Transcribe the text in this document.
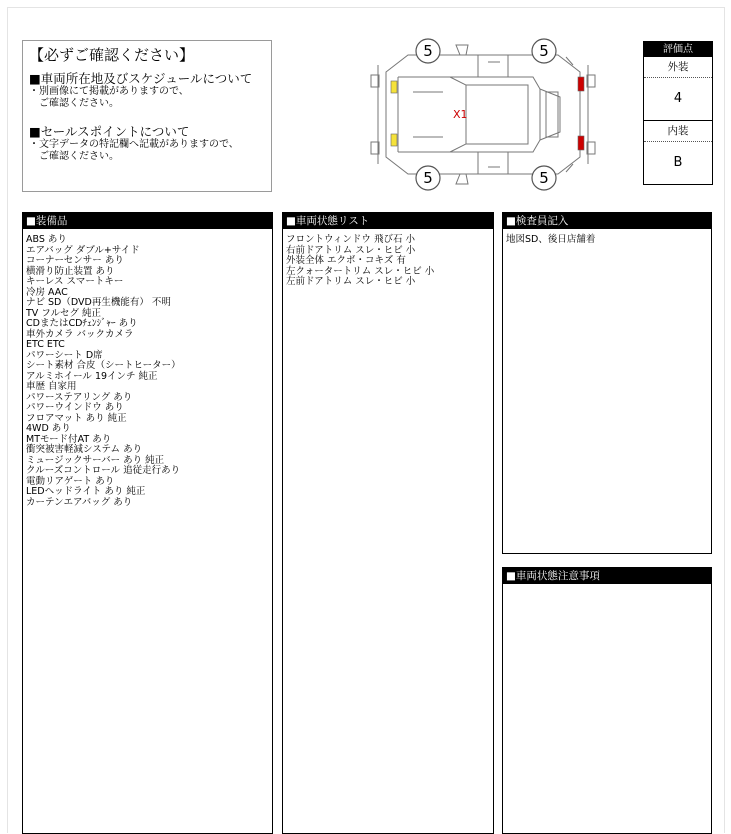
【必ずご確認ください】
■車両所在地及びスケジュールについて
・別画像にて掲載がありますので、
　ご確認ください。
■セールスポイントについて
・文字データの特記欄へ記載がありますので、
　ご確認ください。
5	5
5	5
X1
評価点
外装
4
内装
B
■装備品
ABS あり
エアバッグ ダブル+サイド
コーナーセンサー あり
横滑り防止装置 あり
キーレス スマートキー
冷房 AAC
ナビ SD（DVD再生機能有） 不明
TV フルセグ 純正
CDまたはCDﾁｪﾝｼﾞｬｰ あり
車外カメラ バックカメラ
ETC ETC
パワーシート D席
シート素材 合皮（シートヒーター）
アルミホイール 19インチ 純正
車歴 自家用
パワーステアリング あり
パワーウインドウ あり
フロアマット あり 純正
4WD あり
MTモード付AT あり
衝突被害軽減システム あり
ミュージックサーバー あり 純正
クルーズコントロール 追従走行あり
電動リアゲート あり
LEDヘッドライト あり 純正
カーテンエアバッグ あり
■車両状態リスト
フロントウィンドウ 飛び石 小
右前ドアトリム スレ・ヒビ 小
外装全体 エクボ・コキズ 有
左クォータートリム スレ・ヒビ 小
左前ドアトリム スレ・ヒビ 小
■検査員記入
地図SD、後日店舗着
■車両状態注意事項
